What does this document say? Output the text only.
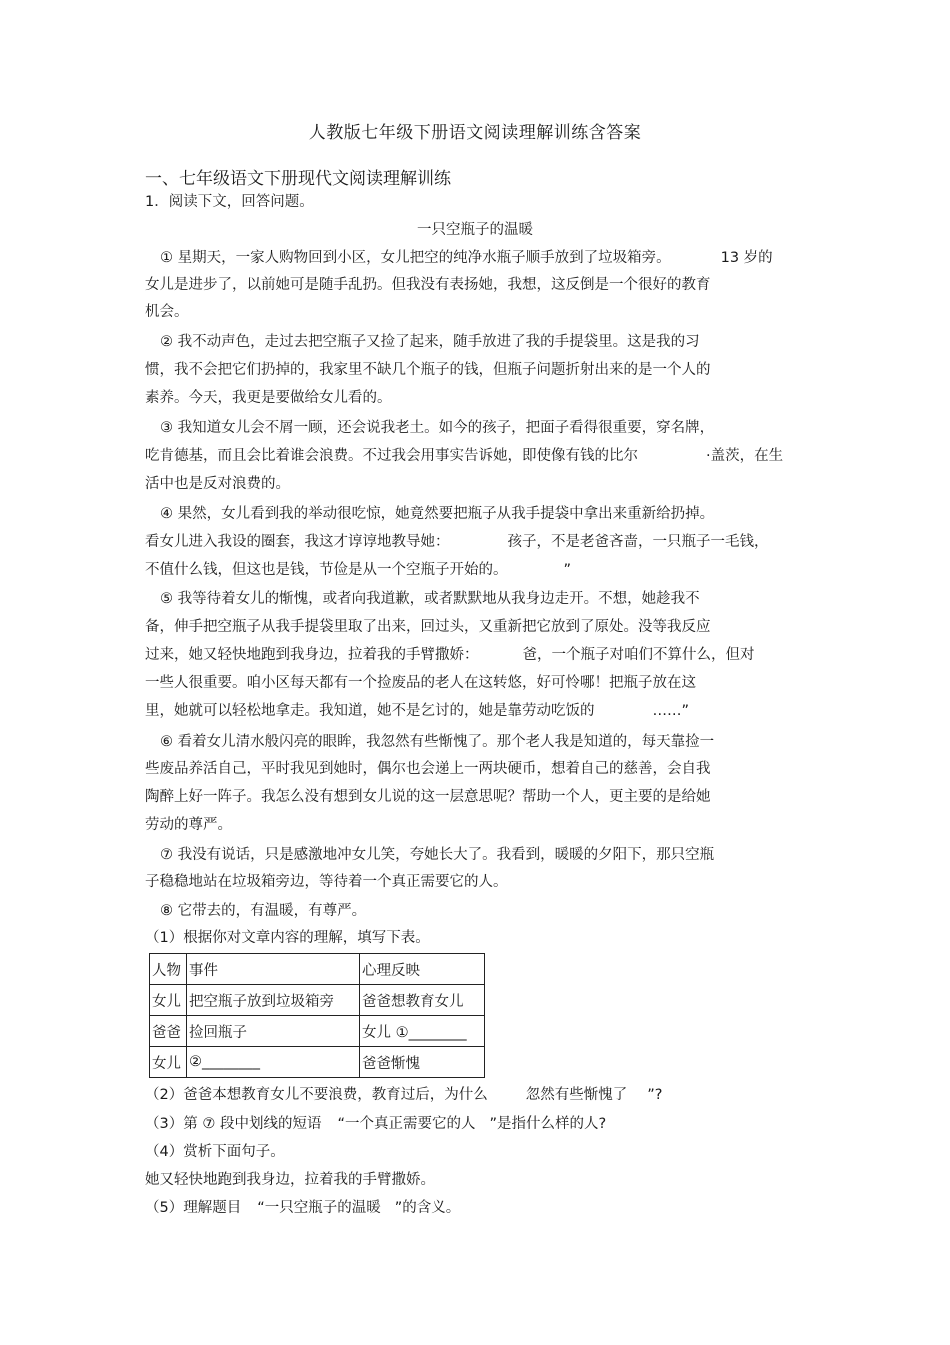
人教版七年级下册语文阅读理解训练含答案
一、七年级语文下册现代文阅读理解训练
1．阅读下文，回答问题。
一只空瓶子的温暖
① 星期天，一家人购物回到小区，女儿把空的纯净水瓶子顺手放到了垃圾箱旁。	13 岁的
女儿是进步了，以前她可是随手乱扔。但我没有表扬她，我想，这反倒是一个很好的教育
机会。
② 我不动声色，走过去把空瓶子又捡了起来，随手放进了我的手提袋里。这是我的习
惯，我不会把它们扔掉的，我家里不缺几个瓶子的钱，但瓶子问题折射出来的是一个人的
素养。今天，我更是要做给女儿看的。
③ 我知道女儿会不屑一顾，还会说我老土。如今的孩子，把面子看得很重要，穿名牌，
吃肯德基，而且会比着谁会浪费。不过我会用事实告诉她，即使像有钱的比尔	·盖茨，在生
活中也是反对浪费的。
④ 果然，女儿看到我的举动很吃惊，她竟然要把瓶子从我手提袋中拿出来重新给扔掉。
看女儿进入我设的圈套，我这才谆谆地教导她：	孩子，不是老爸吝啬，一只瓶子一毛钱，
不值什么钱，但这也是钱，节俭是从一个空瓶子开始的。	”
⑤ 我等待着女儿的惭愧，或者向我道歉，或者默默地从我身边走开。不想，她趁我不
备，伸手把空瓶子从我手提袋里取了出来，回过头，又重新把它放到了原处。没等我反应
过来，她又轻快地跑到我身边，拉着我的手臂撒娇：	爸，一个瓶子对咱们不算什么，但对
一些人很重要。咱小区每天都有一个捡废品的老人在这转悠，好可怜哪！把瓶子放在这
里，她就可以轻松地拿走。我知道，她不是乞讨的，她是靠劳动吃饭的	……”
⑥ 看着女儿清水般闪亮的眼眸，我忽然有些惭愧了。那个老人我是知道的，每天靠捡一
些废品养活自己，平时我见到她时，偶尔也会递上一两块硬币，想着自己的慈善，会自我
陶醉上好一阵子。我怎么没有想到女儿说的这一层意思呢？帮助一个人，更主要的是给她
劳动的尊严。
⑦ 我没有说话，只是感激地冲女儿笑，夸她长大了。我看到，暖暖的夕阳下，那只空瓶
子稳稳地站在垃圾箱旁边，等待着一个真正需要它的人。
⑧ 它带去的，有温暖，有尊严。
（1）根据你对文章内容的理解，填写下表。
人物	事件	心理反映
女儿	把空瓶子放到垃圾箱旁	爸爸想教育女儿
爸爸	捡回瓶子	女儿 ①________
女儿	②________	爸爸惭愧
（2）爸爸本想教育女儿不要浪费，教育过后，为什么	忽然有些惭愧了 ”?
（3）第 ⑦ 段中划线的短语 “一个真正需要它的人 ”是指什么样的人?
（4）赏析下面句子。
她又轻快地跑到我身边，拉着我的手臂撒娇。
（5）理解题目 “一只空瓶子的温暖 ”的含义。
